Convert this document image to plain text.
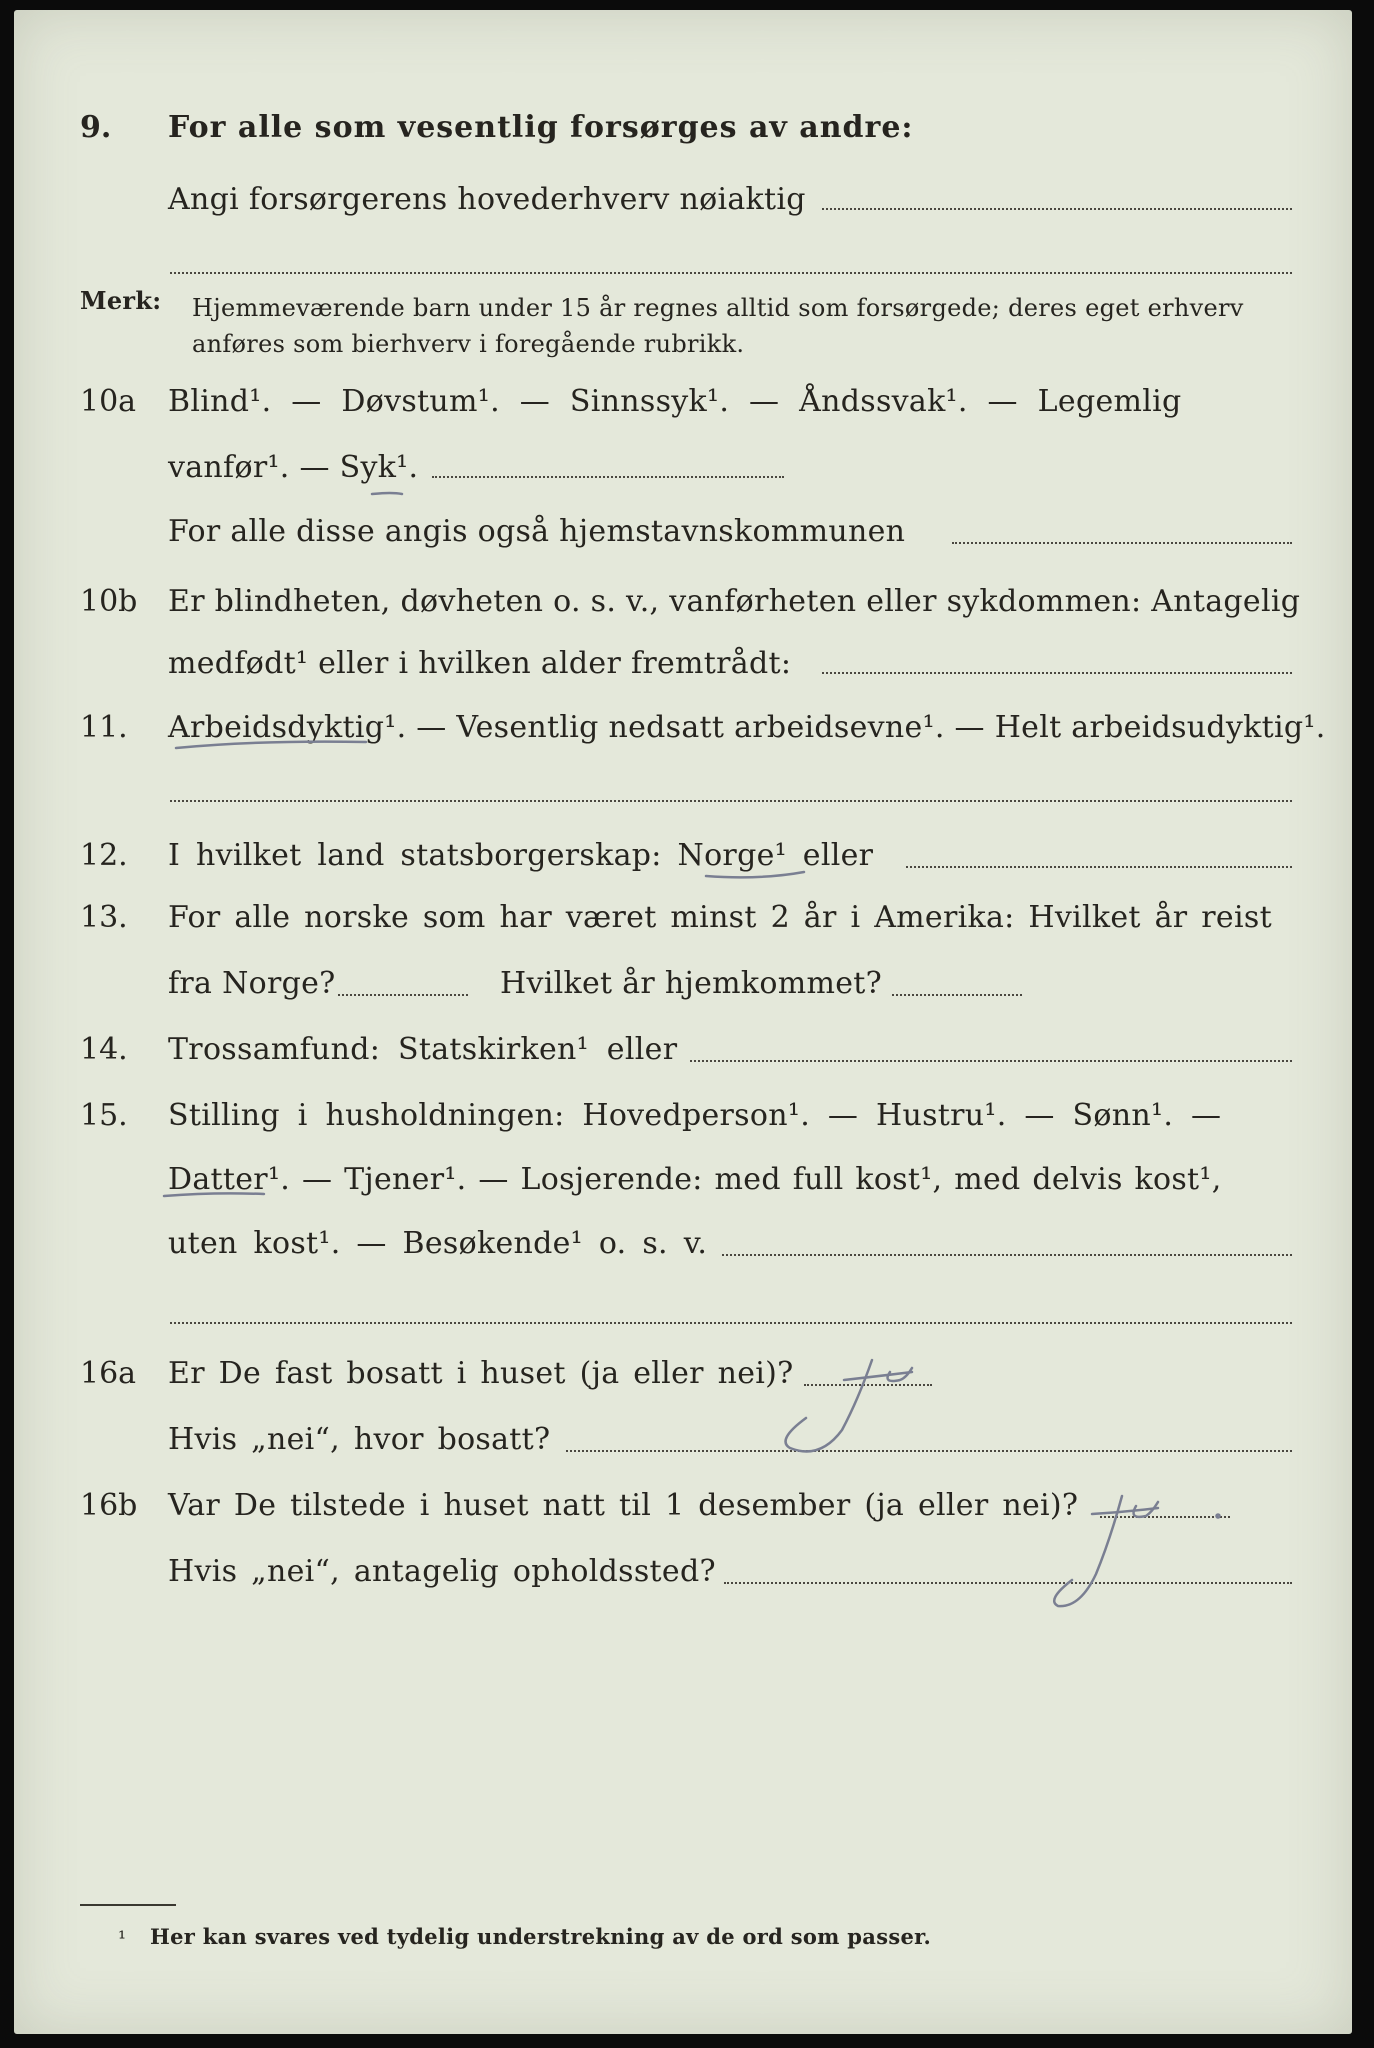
9. For alle som vesentlig forsørges av andre:
Angi forsørgerens hovederhverv nøiaktig
Merk: Hjemmeværende barn under 15 år regnes alltid som forsørgede; deres eget erhverv
anføres som bierhverv i foregående rubrikk.
10a Blind¹. — Døvstum¹. — Sinnssyk¹. — Åndssvak¹. — Legemlig
vanfør¹. — Syk¹.
For alle disse angis også hjemstavnskommunen
10b Er blindheten, døvheten o. s. v., vanførheten eller sykdommen: Antagelig
medfødt¹ eller i hvilken alder fremtrådt:
11. Arbeidsdyktig¹. — Vesentlig nedsatt arbeidsevne¹. — Helt arbeidsudyktig¹.
12. I hvilket land statsborgerskap: Norge¹ eller
13. For alle norske som har været minst 2 år i Amerika: Hvilket år reist
fra Norge?	Hvilket år hjemkommet?
14. Trossamfund: Statskirken¹ eller
15. Stilling i husholdningen: Hovedperson¹. — Hustru¹. — Sønn¹. —
Datter¹. — Tjener¹. — Losjerende: med full kost¹, med delvis kost¹,
uten kost¹. — Besøkende¹ o. s. v.
16a Er De fast bosatt i huset (ja eller nei)?
Hvis „nei“, hvor bosatt?
16b Var De tilstede i huset natt til 1 desember (ja eller nei)?
Hvis „nei“, antagelig opholdssted?
¹ Her kan svares ved tydelig understrekning av de ord som passer.
